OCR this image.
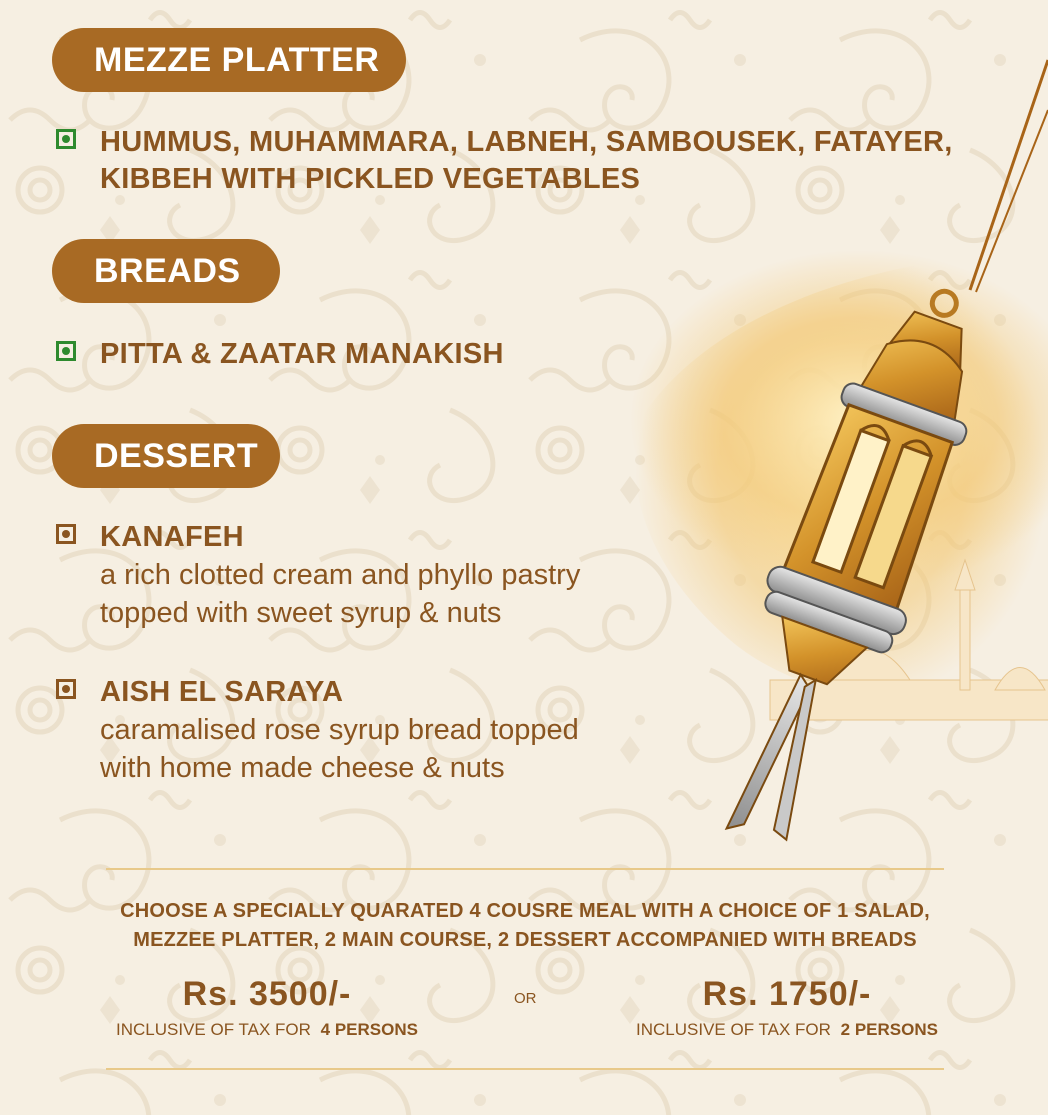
MEZZE PLATTER
HUMMUS, MUHAMMARA, LABNEH, SAMBOUSEK, FATAYER,
KIBBEH WITH PICKLED VEGETABLES
BREADS
PITTA & ZAATAR MANAKISH
DESSERT
KANAFEH
a rich clotted cream and phyllo pastry
topped with sweet syrup & nuts
AISH EL SARAYA
caramalised rose syrup bread topped
with home made cheese & nuts
CHOOSE A SPECIALLY QUARATED 4 COUSRE MEAL WITH A CHOICE OF 1 SALAD,
MEZZEE PLATTER, 2 MAIN COURSE, 2 DESSERT ACCOMPANIED WITH BREADS
Rs. 3500/-
INCLUSIVE OF TAX FOR 4 PERSONS
OR	Rs. 1750/-
INCLUSIVE OF TAX FOR 2 PERSONS
